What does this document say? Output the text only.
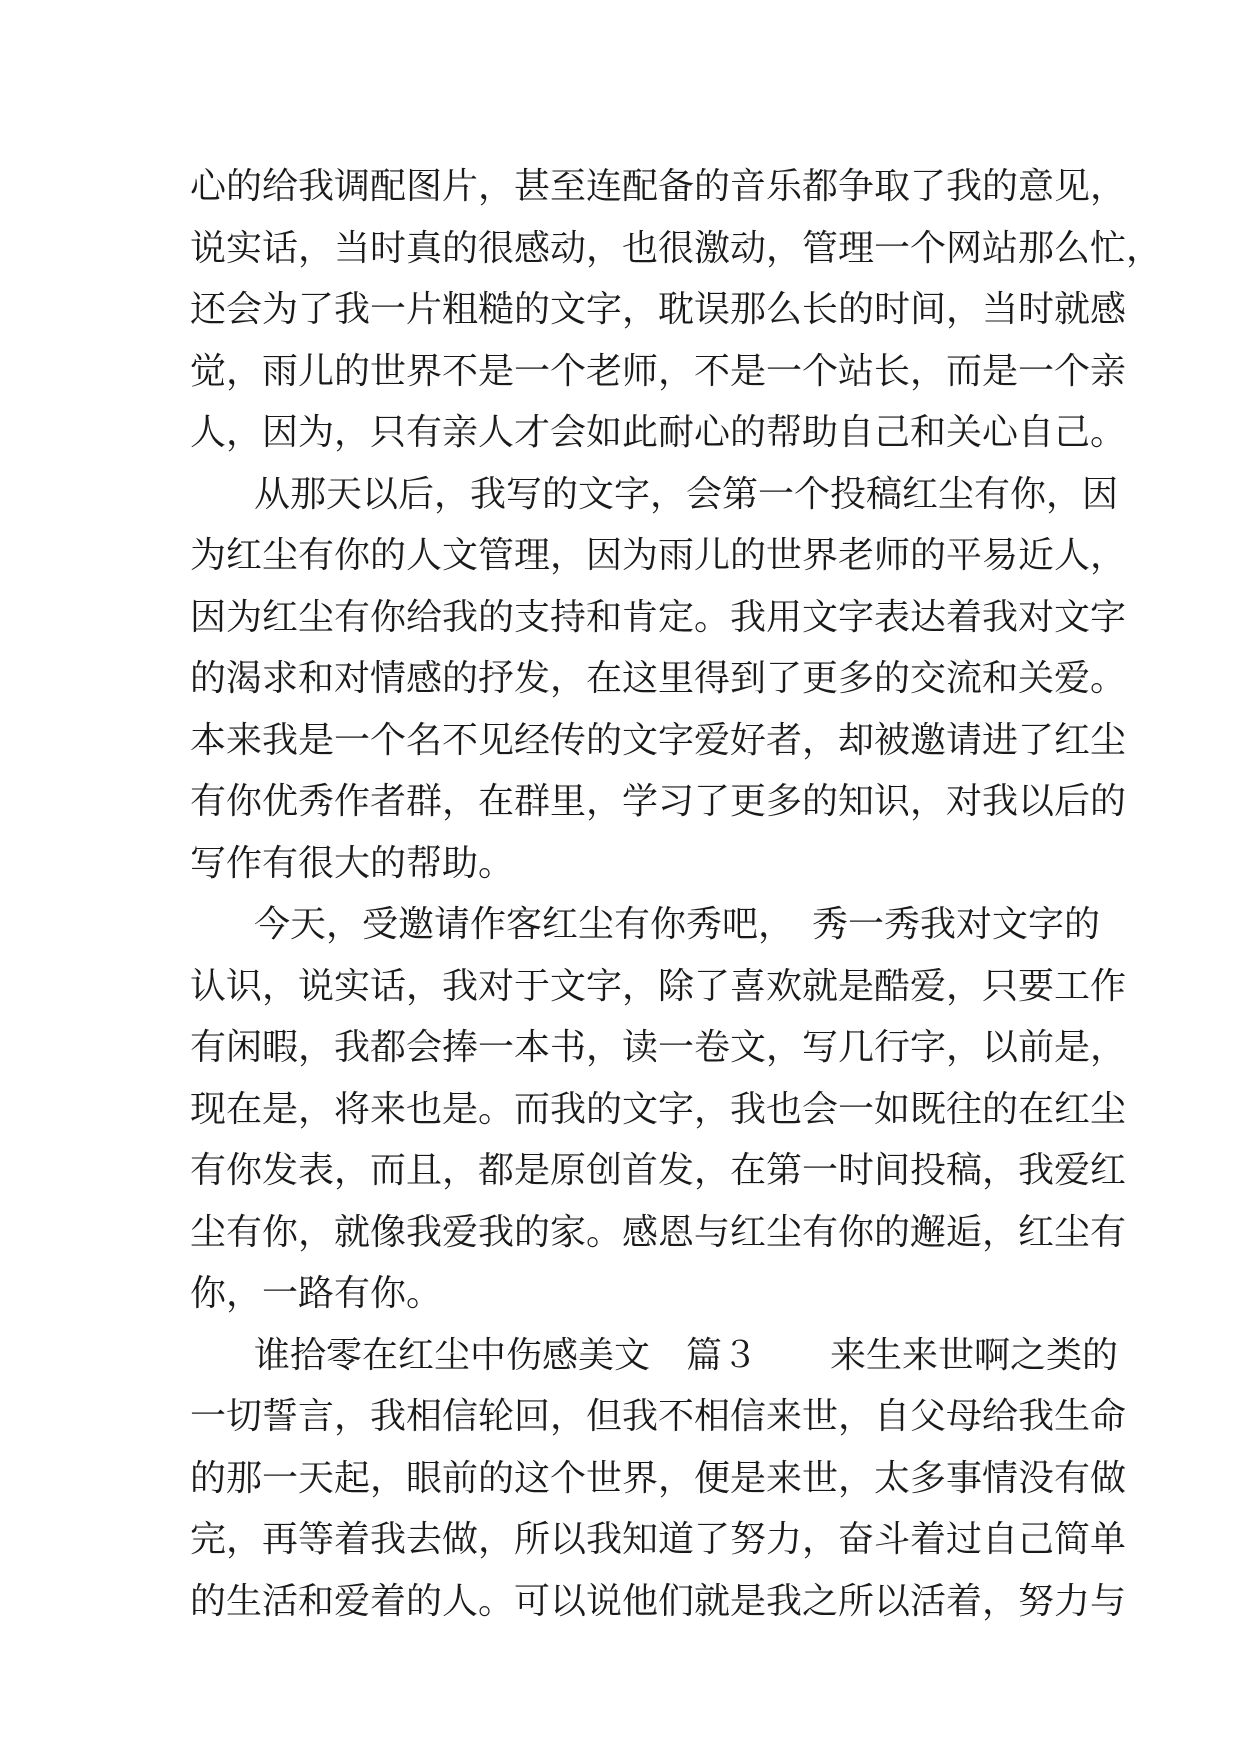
心的给我调配图片，甚至连配备的音乐都争取了我的意见，
说实话，当时真的很感动，也很激动，管理一个网站那么忙，
还会为了我一片粗糙的文字，耽误那么长的时间，当时就感
觉，雨儿的世界不是一个老师，不是一个站长，而是一个亲
人，因为，只有亲人才会如此耐心的帮助自己和关心自己。
从那天以后，我写的文字，会第一个投稿红尘有你，因
为红尘有你的人文管理，因为雨儿的世界老师的平易近人，
因为红尘有你给我的支持和肯定。我用文字表达着我对文字
的渴求和对情感的抒发，在这里得到了更多的交流和关爱。
本来我是一个名不见经传的文字爱好者，却被邀请进了红尘
有你优秀作者群，在群里，学习了更多的知识，对我以后的
写作有很大的帮助。
今天，受邀请作客红尘有你秀吧，　秀一秀我对文字的
认识，说实话，我对于文字，除了喜欢就是酷爱，只要工作
有闲暇，我都会捧一本书，读一卷文，写几行字，以前是，
现在是，将来也是。而我的文字，我也会一如既往的在红尘
有你发表，而且，都是原创首发，在第一时间投稿，我爱红
尘有你，就像我爱我的家。感恩与红尘有你的邂逅，红尘有
你，一路有你。
谁拾零在红尘中伤感美文　篇３　　来生来世啊之类的
一切誓言，我相信轮回，但我不相信来世，自父母给我生命
的那一天起，眼前的这个世界，便是来世，太多事情没有做
完，再等着我去做，所以我知道了努力，奋斗着过自己简单
的生活和爱着的人。可以说他们就是我之所以活着，努力与
